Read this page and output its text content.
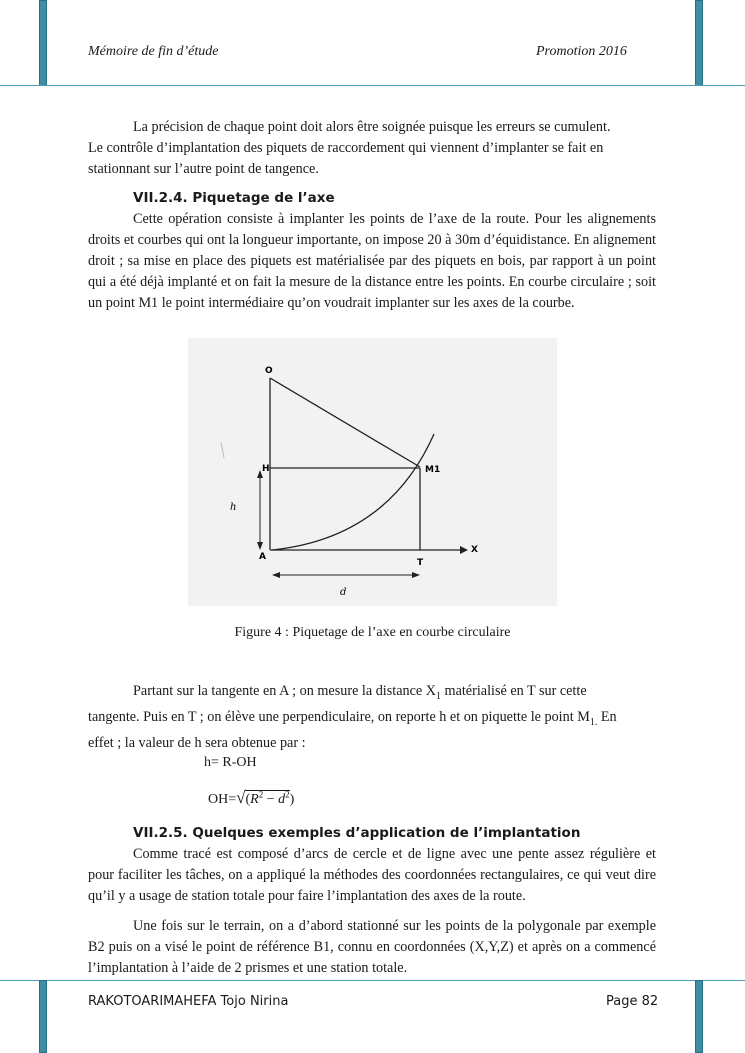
Mémoire de fin d’étude	Promotion 2016

La précision de chaque point doit alors être soignée puisque les erreurs se cumulent.

Le contrôle d’implantation des piquets de raccordement qui viennent d’implanter se fait en stationnant sur l’autre point de tangence.

VII.2.4. Piquetage de l’axe

Cette opération consiste à implanter les points de l’axe de la route. Pour les alignements droits et courbes qui ont la longueur importante, on impose 20 à 30m d’équidistance. En alignement droit ; sa mise en place des piquets est matérialisée par des piquets en bois, par rapport à un point qui a été déjà implanté et on fait la mesure de la distance entre les points. En courbe circulaire ; soit un point M1 le point intermédiaire qu’on voudrait implanter sur les axes de la courbe.

O
H	M1
h
A
T
X
d
Figure 4 : Piquetage de l’axe en courbe circulaire

Partant sur la tangente en A ; on mesure la distance $X_1$ matérialisé en T sur cette

tangente. Puis en T ; on élève une perpendiculaire, on reporte h et on piquette le point $M_{1.}$ En

effet ; la valeur de h sera obtenue par :

h= R-OH
$OH=√(R^2 - d^2)$

VII.2.5. Quelques exemples d’application de l’implantation

Comme tracé est composé d’arcs de cercle et de ligne avec une pente assez régulière et pour faciliter les tâches, on a appliqué la méthodes des coordonnées rectangulaires, ce qui veut dire qu’il y a usage de station totale pour faire l’implantation des axes de la route.

Une fois sur le terrain, on a d’abord stationné sur les points de la polygonale par exemple B2 puis on a visé le point de référence B1, connu en coordonnées (X,Y,Z) et après on a commencé l’implantation à l’aide de 2 prismes et une station totale.

RAKOTOARIMAHEFA Tojo Nirina	Page 82
